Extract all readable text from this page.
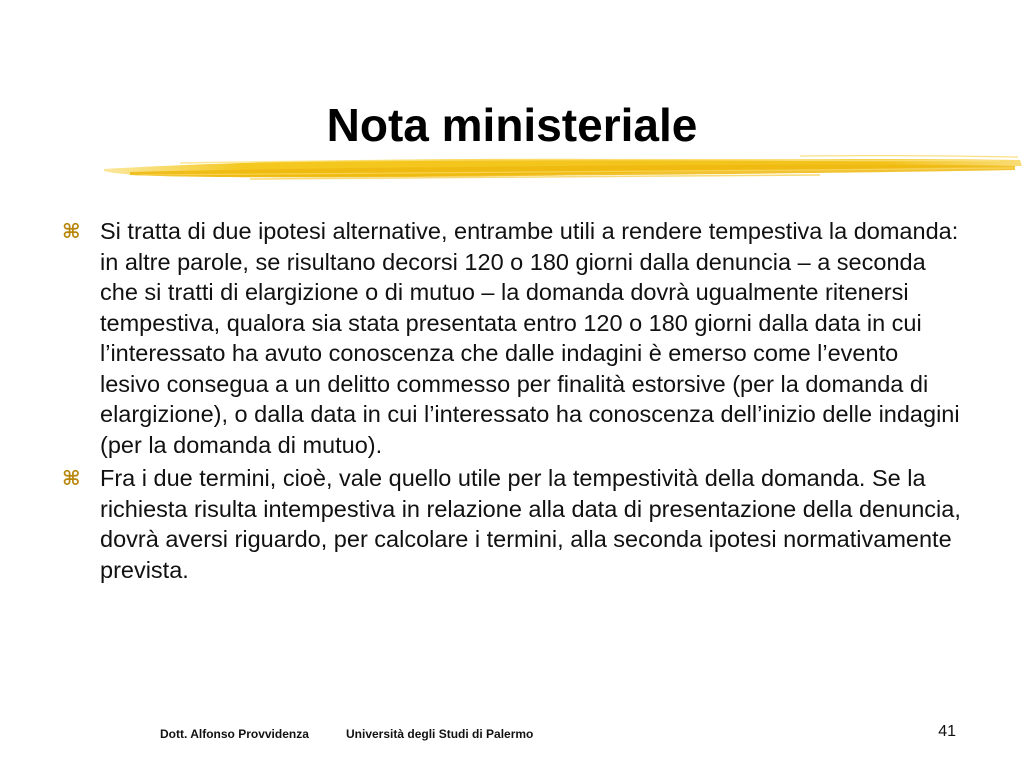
Nota ministeriale
⌘ Si tratta di due ipotesi alternative, entrambe utili a rendere tempestiva la domanda: in altre parole, se risultano decorsi 120 o 180 giorni dalla denuncia – a seconda che si tratti di elargizione o di mutuo – la domanda dovrà ugualmente ritenersi tempestiva, qualora sia stata presentata entro 120 o 180 giorni dalla data in cui l’interessato ha avuto conoscenza che dalle indagini è emerso come l’evento lesivo consegua a un delitto commesso per finalità estorsive (per la domanda di elargizione), o dalla data in cui l’interessato ha conoscenza dell’inizio delle indagini (per la domanda di mutuo).
⌘ Fra i due termini, cioè, vale quello utile per la tempestività della domanda. Se la richiesta risulta intempestiva in relazione alla data di presentazione della denuncia, dovrà aversi riguardo, per calcolare i termini, alla seconda ipotesi normativamente prevista.
Dott. Alfonso Provvidenza	Università degli Studi di Palermo	41
